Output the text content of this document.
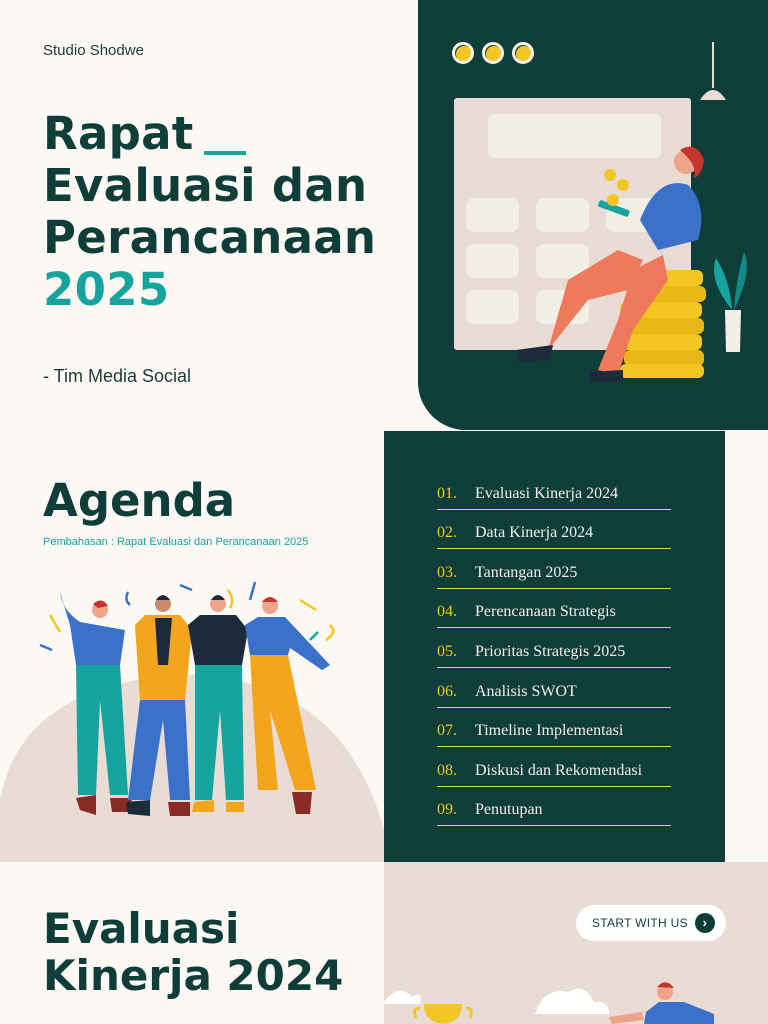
Studio Shodwe
Rapat
Evaluasi dan
Perancanaan
2025
- Tim Media Social
Agenda
Pembahasan : Rapat Evaluasi dan Perancanaan 2025
01.	Evaluasi Kinerja 2024
02.	Data Kinerja 2024
03.	Tantangan 2025
04.	Perencanaan Strategis
05.	Prioritas Strategis 2025
06.	Analisis SWOT
07.	Timeline Implementasi
08.	Diskusi dan Rekomendasi
09.	Penutupan
Evaluasi
Kinerja 2024
START WITH US	›
